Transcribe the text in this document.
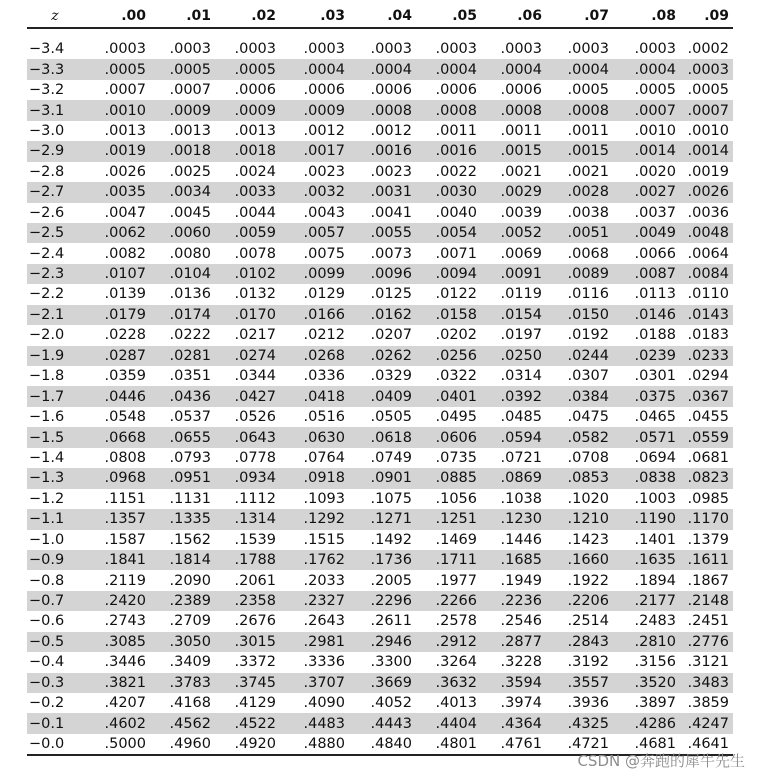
z	.00	.01	.02	.03	.04	.05	.06	.07	.08	.09

−3.4	.0003	.0003	.0003	.0003	.0003	.0003	.0003	.0003	.0003	.0002
−3.3	.0005	.0005	.0005	.0004	.0004	.0004	.0004	.0004	.0004	.0003
−3.2	.0007	.0007	.0006	.0006	.0006	.0006	.0006	.0005	.0005	.0005
−3.1	.0010	.0009	.0009	.0009	.0008	.0008	.0008	.0008	.0007	.0007
−3.0	.0013	.0013	.0013	.0012	.0012	.0011	.0011	.0011	.0010	.0010
−2.9	.0019	.0018	.0018	.0017	.0016	.0016	.0015	.0015	.0014	.0014
−2.8	.0026	.0025	.0024	.0023	.0023	.0022	.0021	.0021	.0020	.0019
−2.7	.0035	.0034	.0033	.0032	.0031	.0030	.0029	.0028	.0027	.0026
−2.6	.0047	.0045	.0044	.0043	.0041	.0040	.0039	.0038	.0037	.0036
−2.5	.0062	.0060	.0059	.0057	.0055	.0054	.0052	.0051	.0049	.0048
−2.4	.0082	.0080	.0078	.0075	.0073	.0071	.0069	.0068	.0066	.0064
−2.3	.0107	.0104	.0102	.0099	.0096	.0094	.0091	.0089	.0087	.0084
−2.2	.0139	.0136	.0132	.0129	.0125	.0122	.0119	.0116	.0113	.0110
−2.1	.0179	.0174	.0170	.0166	.0162	.0158	.0154	.0150	.0146	.0143
−2.0	.0228	.0222	.0217	.0212	.0207	.0202	.0197	.0192	.0188	.0183
−1.9	.0287	.0281	.0274	.0268	.0262	.0256	.0250	.0244	.0239	.0233
−1.8	.0359	.0351	.0344	.0336	.0329	.0322	.0314	.0307	.0301	.0294
−1.7	.0446	.0436	.0427	.0418	.0409	.0401	.0392	.0384	.0375	.0367
−1.6	.0548	.0537	.0526	.0516	.0505	.0495	.0485	.0475	.0465	.0455
−1.5	.0668	.0655	.0643	.0630	.0618	.0606	.0594	.0582	.0571	.0559
−1.4	.0808	.0793	.0778	.0764	.0749	.0735	.0721	.0708	.0694	.0681
−1.3	.0968	.0951	.0934	.0918	.0901	.0885	.0869	.0853	.0838	.0823
−1.2	.1151	.1131	.1112	.1093	.1075	.1056	.1038	.1020	.1003	.0985
−1.1	.1357	.1335	.1314	.1292	.1271	.1251	.1230	.1210	.1190	.1170
−1.0	.1587	.1562	.1539	.1515	.1492	.1469	.1446	.1423	.1401	.1379
−0.9	.1841	.1814	.1788	.1762	.1736	.1711	.1685	.1660	.1635	.1611
−0.8	.2119	.2090	.2061	.2033	.2005	.1977	.1949	.1922	.1894	.1867
−0.7	.2420	.2389	.2358	.2327	.2296	.2266	.2236	.2206	.2177	.2148
−0.6	.2743	.2709	.2676	.2643	.2611	.2578	.2546	.2514	.2483	.2451
−0.5	.3085	.3050	.3015	.2981	.2946	.2912	.2877	.2843	.2810	.2776
−0.4	.3446	.3409	.3372	.3336	.3300	.3264	.3228	.3192	.3156	.3121
−0.3	.3821	.3783	.3745	.3707	.3669	.3632	.3594	.3557	.3520	.3483
−0.2	.4207	.4168	.4129	.4090	.4052	.4013	.3974	.3936	.3897	.3859
−0.1	.4602	.4562	.4522	.4483	.4443	.4404	.4364	.4325	.4286	.4247
−0.0	.5000	.4960	.4920	.4880	.4840	.4801	.4761	.4721	.4681	.4641
CSDN @奔跑的犀牛先生
